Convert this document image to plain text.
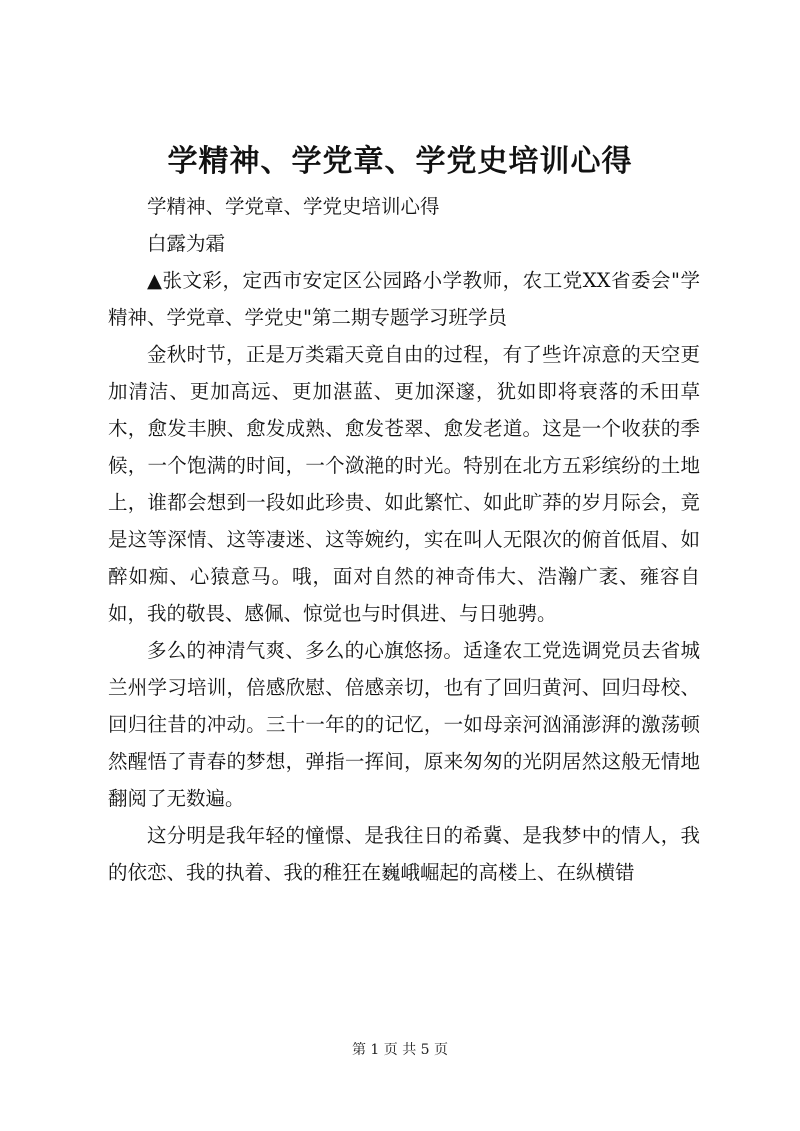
学精神、学党章、学党史培训心得

学精神、学党章、学党史培训心得

白露为霜

▲张文彩，定西市安定区公园路小学教师，农工党XX省委会"学精神、学党章、学党史"第二期专题学习班学员

金秋时节，正是万类霜天竟自由的过程，有了些许凉意的天空更加清洁、更加高远、更加湛蓝、更加深邃，犹如即将衰落的禾田草木，愈发丰腴、愈发成熟、愈发苍翠、愈发老道。这是一个收获的季候，一个饱满的时间，一个潋滟的时光。特别在北方五彩缤纷的土地上，谁都会想到一段如此珍贵、如此繁忙、如此旷莽的岁月际会，竟是这等深情、这等凄迷、这等婉约，实在叫人无限次的俯首低眉、如醉如痴、心猿意马。哦，面对自然的神奇伟大、浩瀚广袤、雍容自如，我的敬畏、感佩、惊觉也与时俱进、与日驰骋。

多么的神清气爽、多么的心旗悠扬。适逢农工党选调党员去省城兰州学习培训，倍感欣慰、倍感亲切，也有了回归黄河、回归母校、回归往昔的冲动。三十一年的的记忆，一如母亲河汹涌澎湃的激荡顿然醒悟了青春的梦想，弹指一挥间，原来匆匆的光阴居然这般无情地翻阅了无数遍。

这分明是我年轻的憧憬、是我往日的希冀、是我梦中的情人，我的依恋、我的执着、我的稚狂在巍峨崛起的高楼上、在纵横错

第 1 页 共 5 页
